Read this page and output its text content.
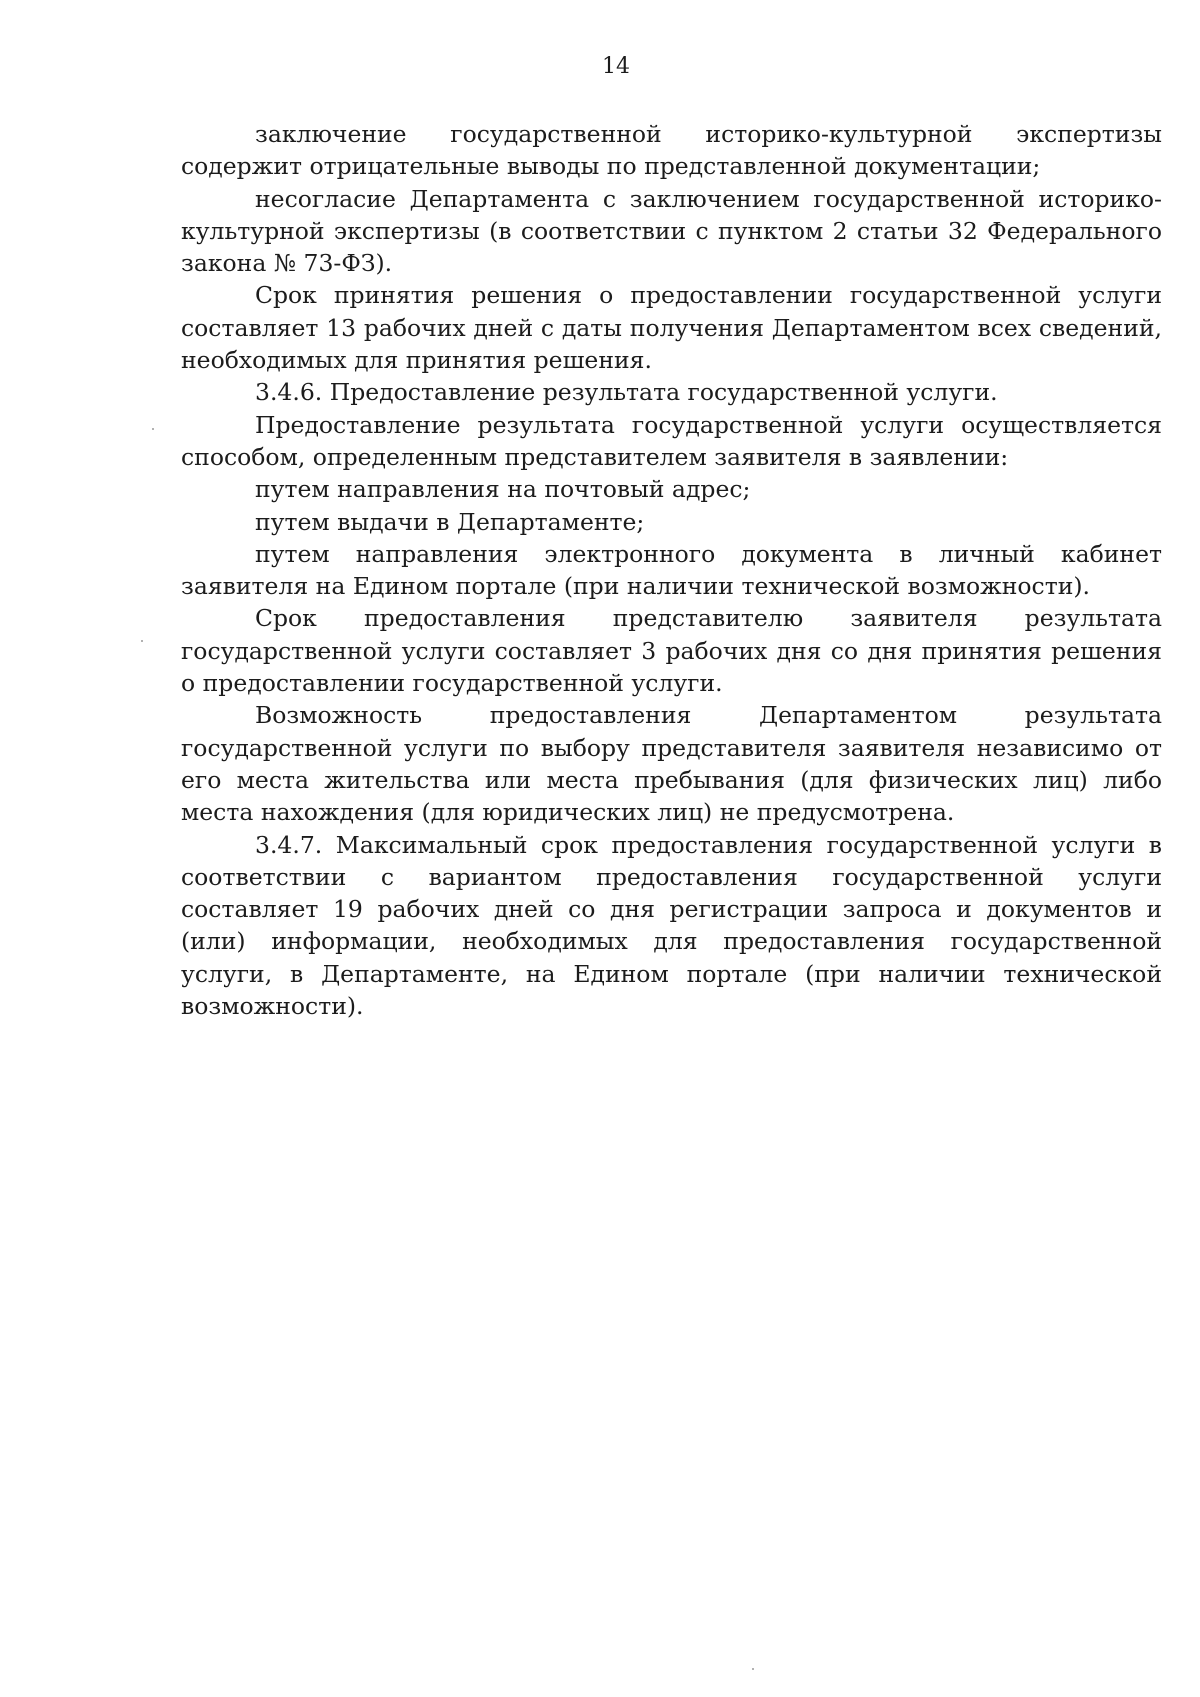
14

заключение государственной историко-культурной экспертизы содержит отрицательные выводы по представленной документации;

несогласие Департамента с заключением государственной историко-культурной экспертизы (в соответствии с пунктом 2 статьи 32 Федерального закона № 73-ФЗ).

Срок принятия решения о предоставлении государственной услуги составляет 13 рабочих дней с даты получения Департаментом всех сведений, необходимых для принятия решения.

3.4.6. Предоставление результата государственной услуги.

Предоставление результата государственной услуги осуществляется способом, определенным представителем заявителя в заявлении:

путем направления на почтовый адрес;

путем выдачи в Департаменте;

путем направления электронного документа в личный кабинет заявителя на Едином портале (при наличии технической возможности).

Срок предоставления представителю заявителя результата государственной услуги составляет 3 рабочих дня со дня принятия решения о предоставлении государственной услуги.

Возможность предоставления Департаментом результата государственной услуги по выбору представителя заявителя независимо от его места жительства или места пребывания (для физических лиц) либо места нахождения (для юридических лиц) не предусмотрена.

3.4.7. Максимальный срок предоставления государственной услуги в соответствии с вариантом предоставления государственной услуги составляет 19 рабочих дней со дня регистрации запроса и документов и (или) информации, необходимых для предоставления государственной услуги, в Департаменте, на Едином портале (при наличии технической возможности).
